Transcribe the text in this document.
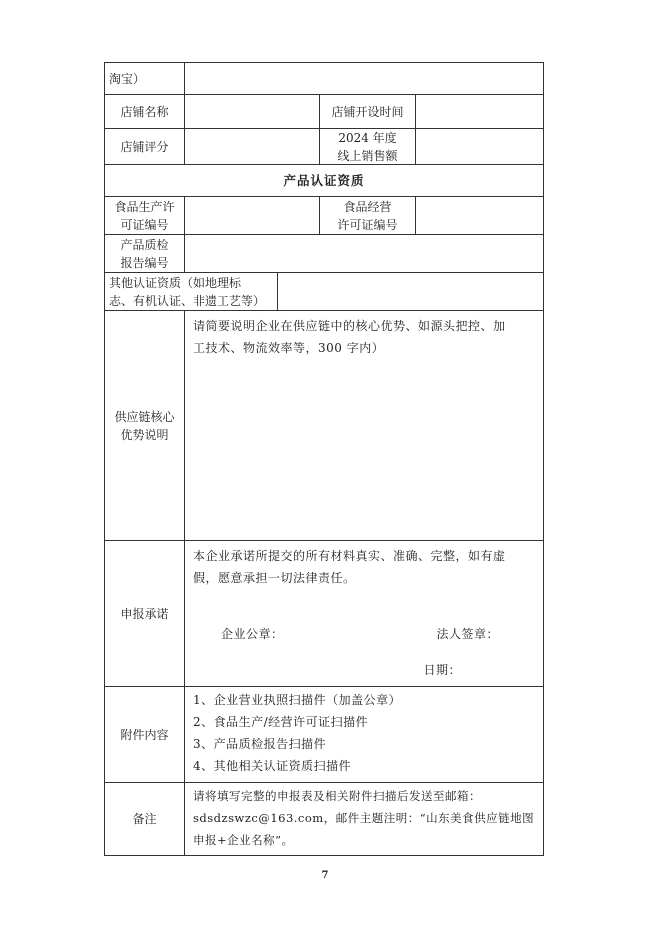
淘宝）
店铺名称	店铺开设时间
店铺评分
2024 年度
线上销售额
产品认证资质
食品生产许
可证编号
食品经营
许可证编号
产品质检
报告编号
其他认证资质（如地理标
志、有机认证、非遗工艺等）
供应链核心
优势说明
请简要说明企业在供应链中的核心优势、如源头把控、加
工技术、物流效率等，300 字内）
申报承诺
本企业承诺所提交的所有材料真实、准确、完整，如有虚
假，愿意承担一切法律责任。
企业公章：	法人签章：
日期：
附件内容
1、企业营业执照扫描件（加盖公章）
2、食品生产/经营许可证扫描件
3、产品质检报告扫描件
4、其他相关认证资质扫描件
备注
请将填写完整的申报表及相关附件扫描后发送至邮箱：
sdsdzswzc@163.com，邮件主题注明：“山东美食供应链地图
申报+企业名称”。
7
